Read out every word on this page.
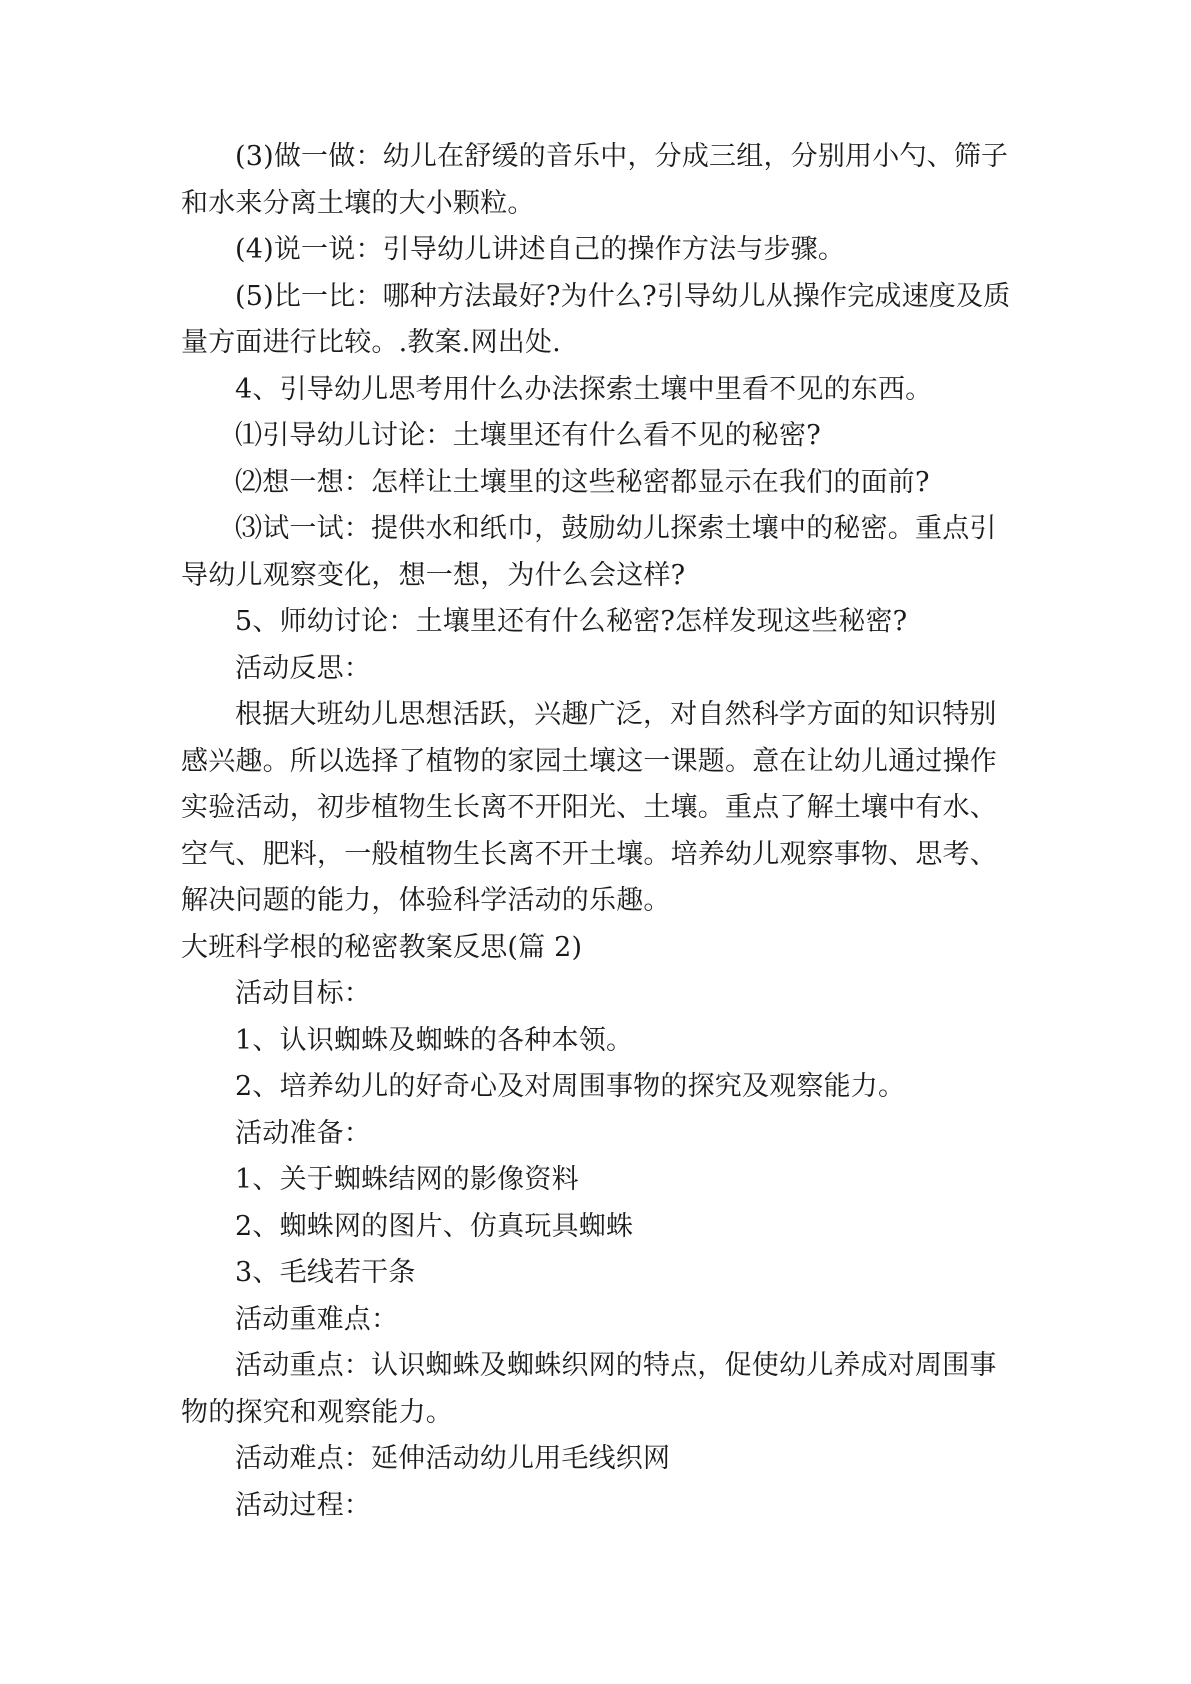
(3)做一做：幼儿在舒缓的音乐中，分成三组，分别用小勺、筛子
和水来分离土壤的大小颗粒。
(4)说一说：引导幼儿讲述自己的操作方法与步骤。
(5)比一比：哪种方法最好?为什么?引导幼儿从操作完成速度及质
量方面进行比较。.教案.网出处.
4、引导幼儿思考用什么办法探索土壤中里看不见的东西。
⑴引导幼儿讨论：土壤里还有什么看不见的秘密?
⑵想一想：怎样让土壤里的这些秘密都显示在我们的面前?
⑶试一试：提供水和纸巾，鼓励幼儿探索土壤中的秘密。重点引
导幼儿观察变化，想一想，为什么会这样?
5、师幼讨论：土壤里还有什么秘密?怎样发现这些秘密?
活动反思：
根据大班幼儿思想活跃，兴趣广泛，对自然科学方面的知识特别
感兴趣。所以选择了植物的家园土壤这一课题。意在让幼儿通过操作
实验活动，初步植物生长离不开阳光、土壤。重点了解土壤中有水、
空气、肥料，一般植物生长离不开土壤。培养幼儿观察事物、思考、
解决问题的能力，体验科学活动的乐趣。
大班科学根的秘密教案反思(篇 2)
活动目标：
1、认识蜘蛛及蜘蛛的各种本领。
2、培养幼儿的好奇心及对周围事物的探究及观察能力。
活动准备：
1、关于蜘蛛结网的影像资料
2、蜘蛛网的图片、仿真玩具蜘蛛
3、毛线若干条
活动重难点：
活动重点：认识蜘蛛及蜘蛛织网的特点，促使幼儿养成对周围事
物的探究和观察能力。
活动难点：延伸活动幼儿用毛线织网
活动过程：
